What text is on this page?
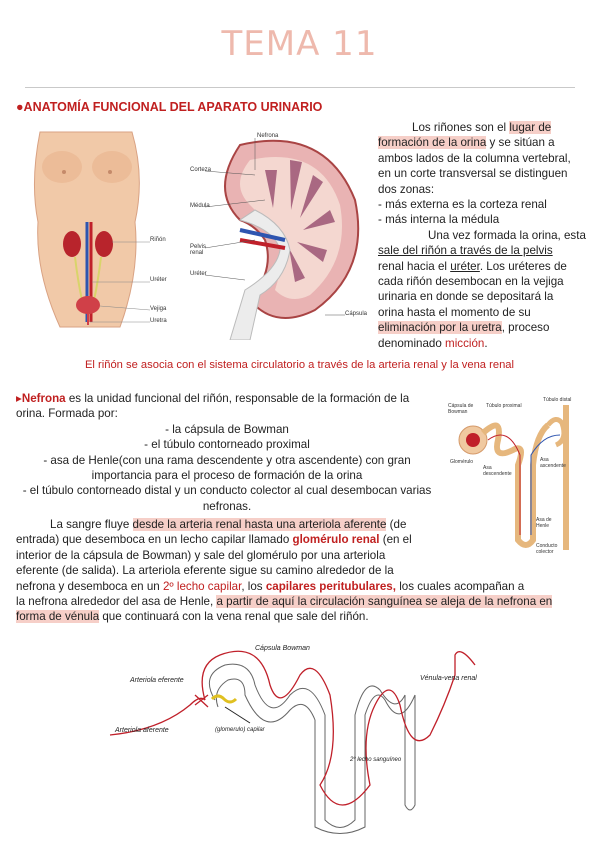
TEMA 11
●ANATOMÍA FUNCIONAL DEL APARATO URINARIO
Riñón
Uréter
Vejiga
Uretra
Nefrona
Corteza
Médula
Pelvis renal
Uréter
Cápsula
Los riñones son el lugar de
formación de la orina y se sitúan a
ambos lados de la columna vertebral,
en un corte transversal se distinguen
dos zonas:
- más externa es la corteza renal
- más interna la médula
Una vez formada la orina, esta
sale del riñón a través de la pelvis
renal hacia el uréter. Los uréteres de
cada riñón desembocan en la vejiga
urinaria en donde se depositará la
orina hasta el momento de su
eliminación por la uretra, proceso
denominado micción.
El riñón se asocia con el sistema circulatorio a través de la arteria renal y la vena renal
▸Nefrona es la unidad funcional del riñón, responsable de la formación de la
orina. Formada por:
- la cápsula de Bowman
- el túbulo contorneado proximal
- asa de Henle(con una rama descendente y otra ascendente) con gran
importancia para el proceso de formación de la orina
- el túbulo contorneado distal y un conducto colector al cual desembocan varias
nefronas.
La sangre fluye desde la arteria renal hasta una arteriola aferente (de
entrada) que desemboca en un lecho capilar llamado glomérulo renal (en el
interior de la cápsula de Bowman) y sale del glomérulo por una arteriola
eferente (de salida). La arteriola eferente sigue su camino alrededor de la
nefrona y desemboca en un 2º lecho capilar, los capilares peritubulares, los cuales acompañan a
la nefrona alrededor del asa de Henle, a partir de aquí la circulación sanguínea se aleja de la nefrona en
forma de vénula que continuará con la vena renal que sale del riñón.
Cápsula de Bowman
Túbulo proximal
Túbulo distal
Glomérulo
Asa descendente
Asa ascendente
Asa de Henle
Conducto colector
Cápsula Bowman
Arteriola eferente	Vénula-vena renal
Arteriola aferente	(glomerulo) capilar
2º lecho sanguíneo
